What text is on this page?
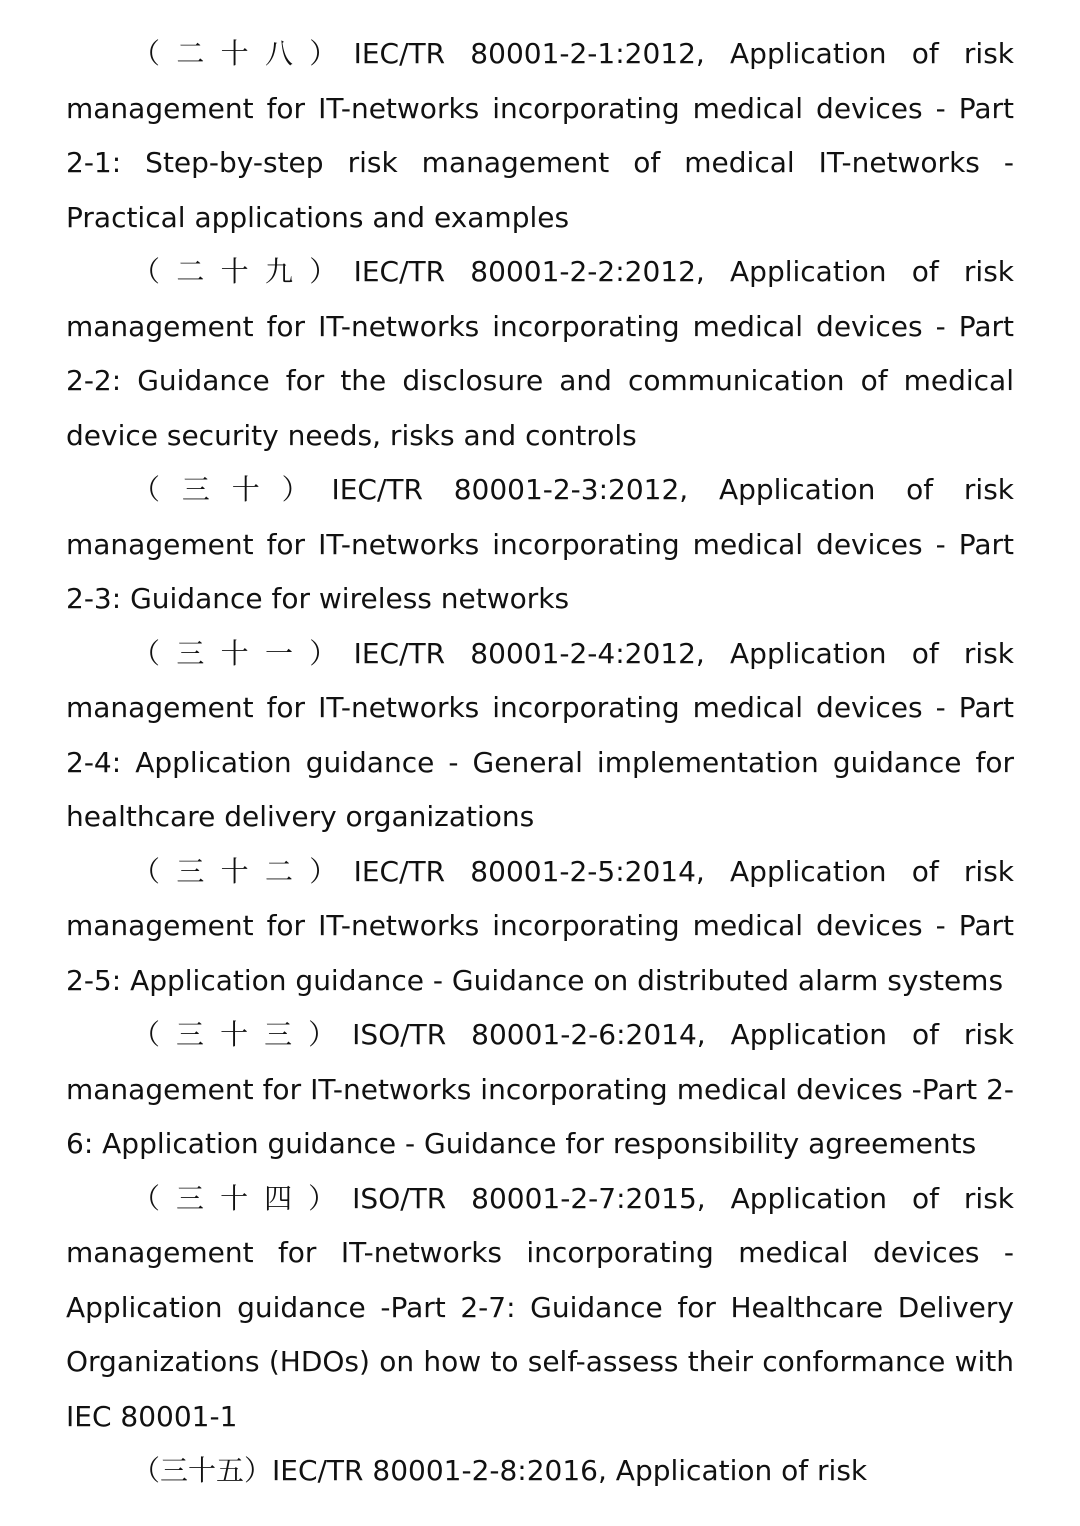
（二十八）IEC/TR 80001-2-1:2012, Application of risk management for IT-networks incorporating medical devices - Part 2-1: Step-by-step risk management of medical IT-networks - Practical applications and examples

（二十九）IEC/TR 80001-2-2:2012, Application of risk management for IT-networks incorporating medical devices - Part 2-2: Guidance for the disclosure and communication of medical device security needs, risks and controls

（三十）IEC/TR 80001-2-3:2012, Application of risk management for IT-networks incorporating medical devices - Part 2-3: Guidance for wireless networks

（三十一）IEC/TR 80001-2-4:2012, Application of risk management for IT-networks incorporating medical devices - Part 2-4: Application guidance - General implementation guidance for healthcare delivery organizations

（三十二）IEC/TR 80001-2-5:2014, Application of risk management for IT-networks incorporating medical devices - Part 2-5: Application guidance - Guidance on distributed alarm systems

（三十三）ISO/TR 80001-2-6:2014, Application of risk management for IT-networks incorporating medical devices -Part 2-6: Application guidance - Guidance for responsibility agreements

（三十四）ISO/TR 80001-2-7:2015, Application of risk management for IT-networks incorporating medical devices -Application guidance -Part 2-7: Guidance for Healthcare Delivery Organizations (HDOs) on how to self-assess their conformance with IEC 80001-1

（三十五）IEC/TR 80001-2-8:2016, Application of risk
